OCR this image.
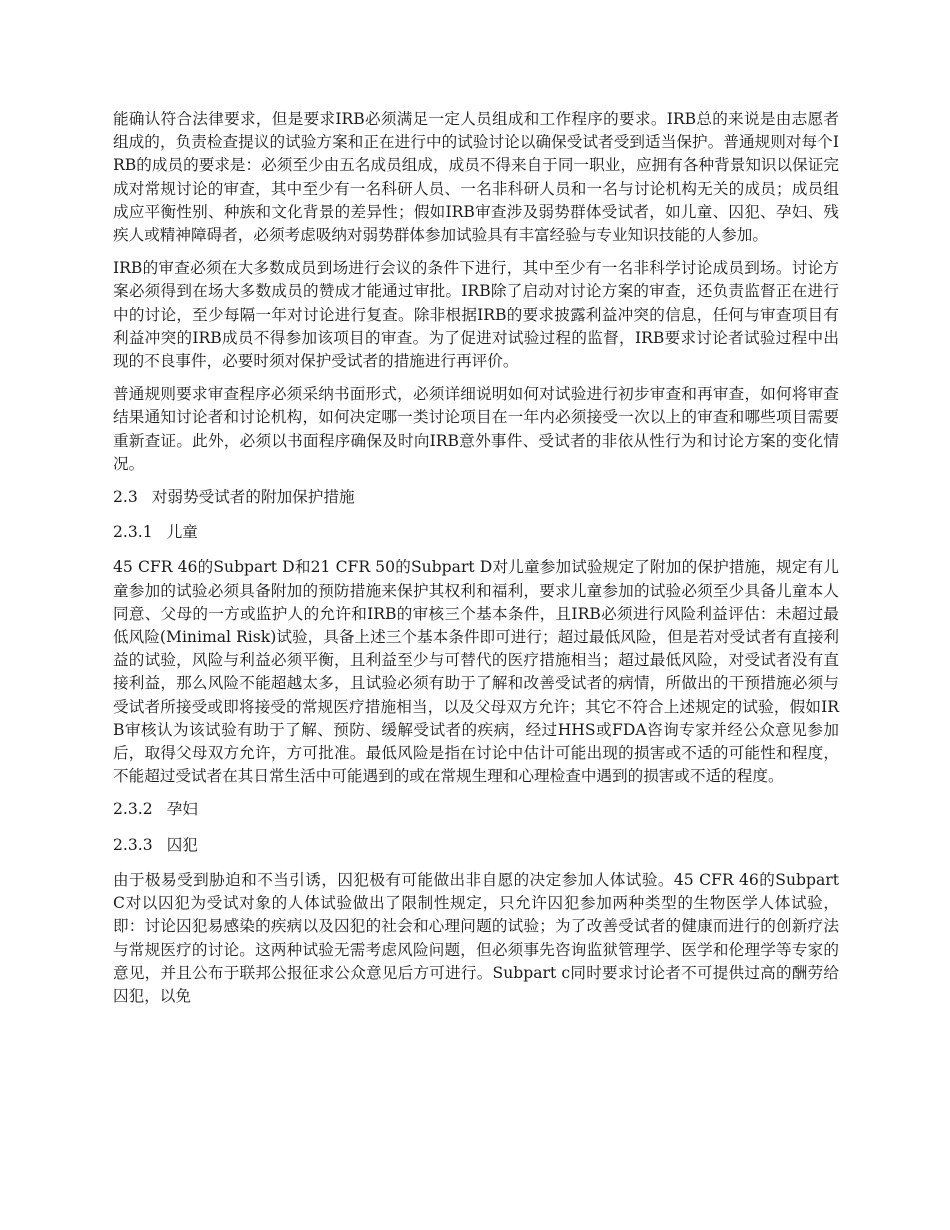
能确认符合法律要求，但是要求IRB必须满足一定人员组成和工作程序的要求。IRB总的来说是由志愿者组成的，负责检查提议的试验方案和正在进行中的试验讨论以确保受试者受到适当保护。普通规则对每个IRB的成员的要求是：必须至少由五名成员组成，成员不得来自于同一职业，应拥有各种背景知识以保证完成对常规讨论的审查，其中至少有一名科研人员、一名非科研人员和一名与讨论机构无关的成员；成员组成应平衡性别、种族和文化背景的差异性；假如IRB审查涉及弱势群体受试者，如儿童、囚犯、孕妇、残疾人或精神障碍者，必须考虑吸纳对弱势群体参加试验具有丰富经验与专业知识技能的人参加。

IRB的审查必须在大多数成员到场进行会议的条件下进行，其中至少有一名非科学讨论成员到场。讨论方案必须得到在场大多数成员的赞成才能通过审批。IRB除了启动对讨论方案的审查，还负责监督正在进行中的讨论，至少每隔一年对讨论进行复查。除非根据IRB的要求披露利益冲突的信息，任何与审查项目有利益冲突的IRB成员不得参加该项目的审查。为了促进对试验过程的监督，IRB要求讨论者试验过程中出现的不良事件，必要时须对保护受试者的措施进行再评价。

普通规则要求审查程序必须采纳书面形式，必须详细说明如何对试验进行初步审查和再审查，如何将审查结果通知讨论者和讨论机构，如何决定哪一类讨论项目在一年内必须接受一次以上的审查和哪些项目需要重新查证。此外，必须以书面程序确保及时向IRB意外事件、受试者的非依从性行为和讨论方案的变化情况。

2.3 对弱势受试者的附加保护措施
2.3.1 儿童

45 CFR 46的Subpart D和21 CFR 50的Subpart D对儿童参加试验规定了附加的保护措施，规定有儿童参加的试验必须具备附加的预防措施来保护其权利和福利，要求儿童参加的试验必须至少具备儿童本人同意、父母的一方或监护人的允许和IRB的审核三个基本条件，且IRB必须进行风险利益评估：未超过最低风险(Minimal Risk)试验，具备上述三个基本条件即可进行；超过最低风险，但是若对受试者有直接利益的试验，风险与利益必须平衡，且利益至少与可替代的医疗措施相当；超过最低风险，对受试者没有直接利益，那么风险不能超越太多，且试验必须有助于了解和改善受试者的病情，所做出的干预措施必须与受试者所接受或即将接受的常规医疗措施相当，以及父母双方允许；其它不符合上述规定的试验，假如IRB审核认为该试验有助于了解、预防、缓解受试者的疾病，经过HHS或FDA咨询专家并经公众意见参加后，取得父母双方允许，方可批准。最低风险是指在讨论中估计可能出现的损害或不适的可能性和程度，不能超过受试者在其日常生活中可能遇到的或在常规生理和心理检查中遇到的损害或不适的程度。

2.3.2 孕妇
2.3.3 囚犯

由于极易受到胁迫和不当引诱，囚犯极有可能做出非自愿的决定参加人体试验。45 CFR 46的Subpart C对以囚犯为受试对象的人体试验做出了限制性规定，只允许囚犯参加两种类型的生物医学人体试验，即：讨论囚犯易感染的疾病以及囚犯的社会和心理问题的试验；为了改善受试者的健康而进行的创新疗法与常规医疗的讨论。这两种试验无需考虑风险问题，但必须事先咨询监狱管理学、医学和伦理学等专家的意见，并且公布于联邦公报征求公众意见后方可进行。Subpart c同时要求讨论者不可提供过高的酬劳给囚犯，以免
